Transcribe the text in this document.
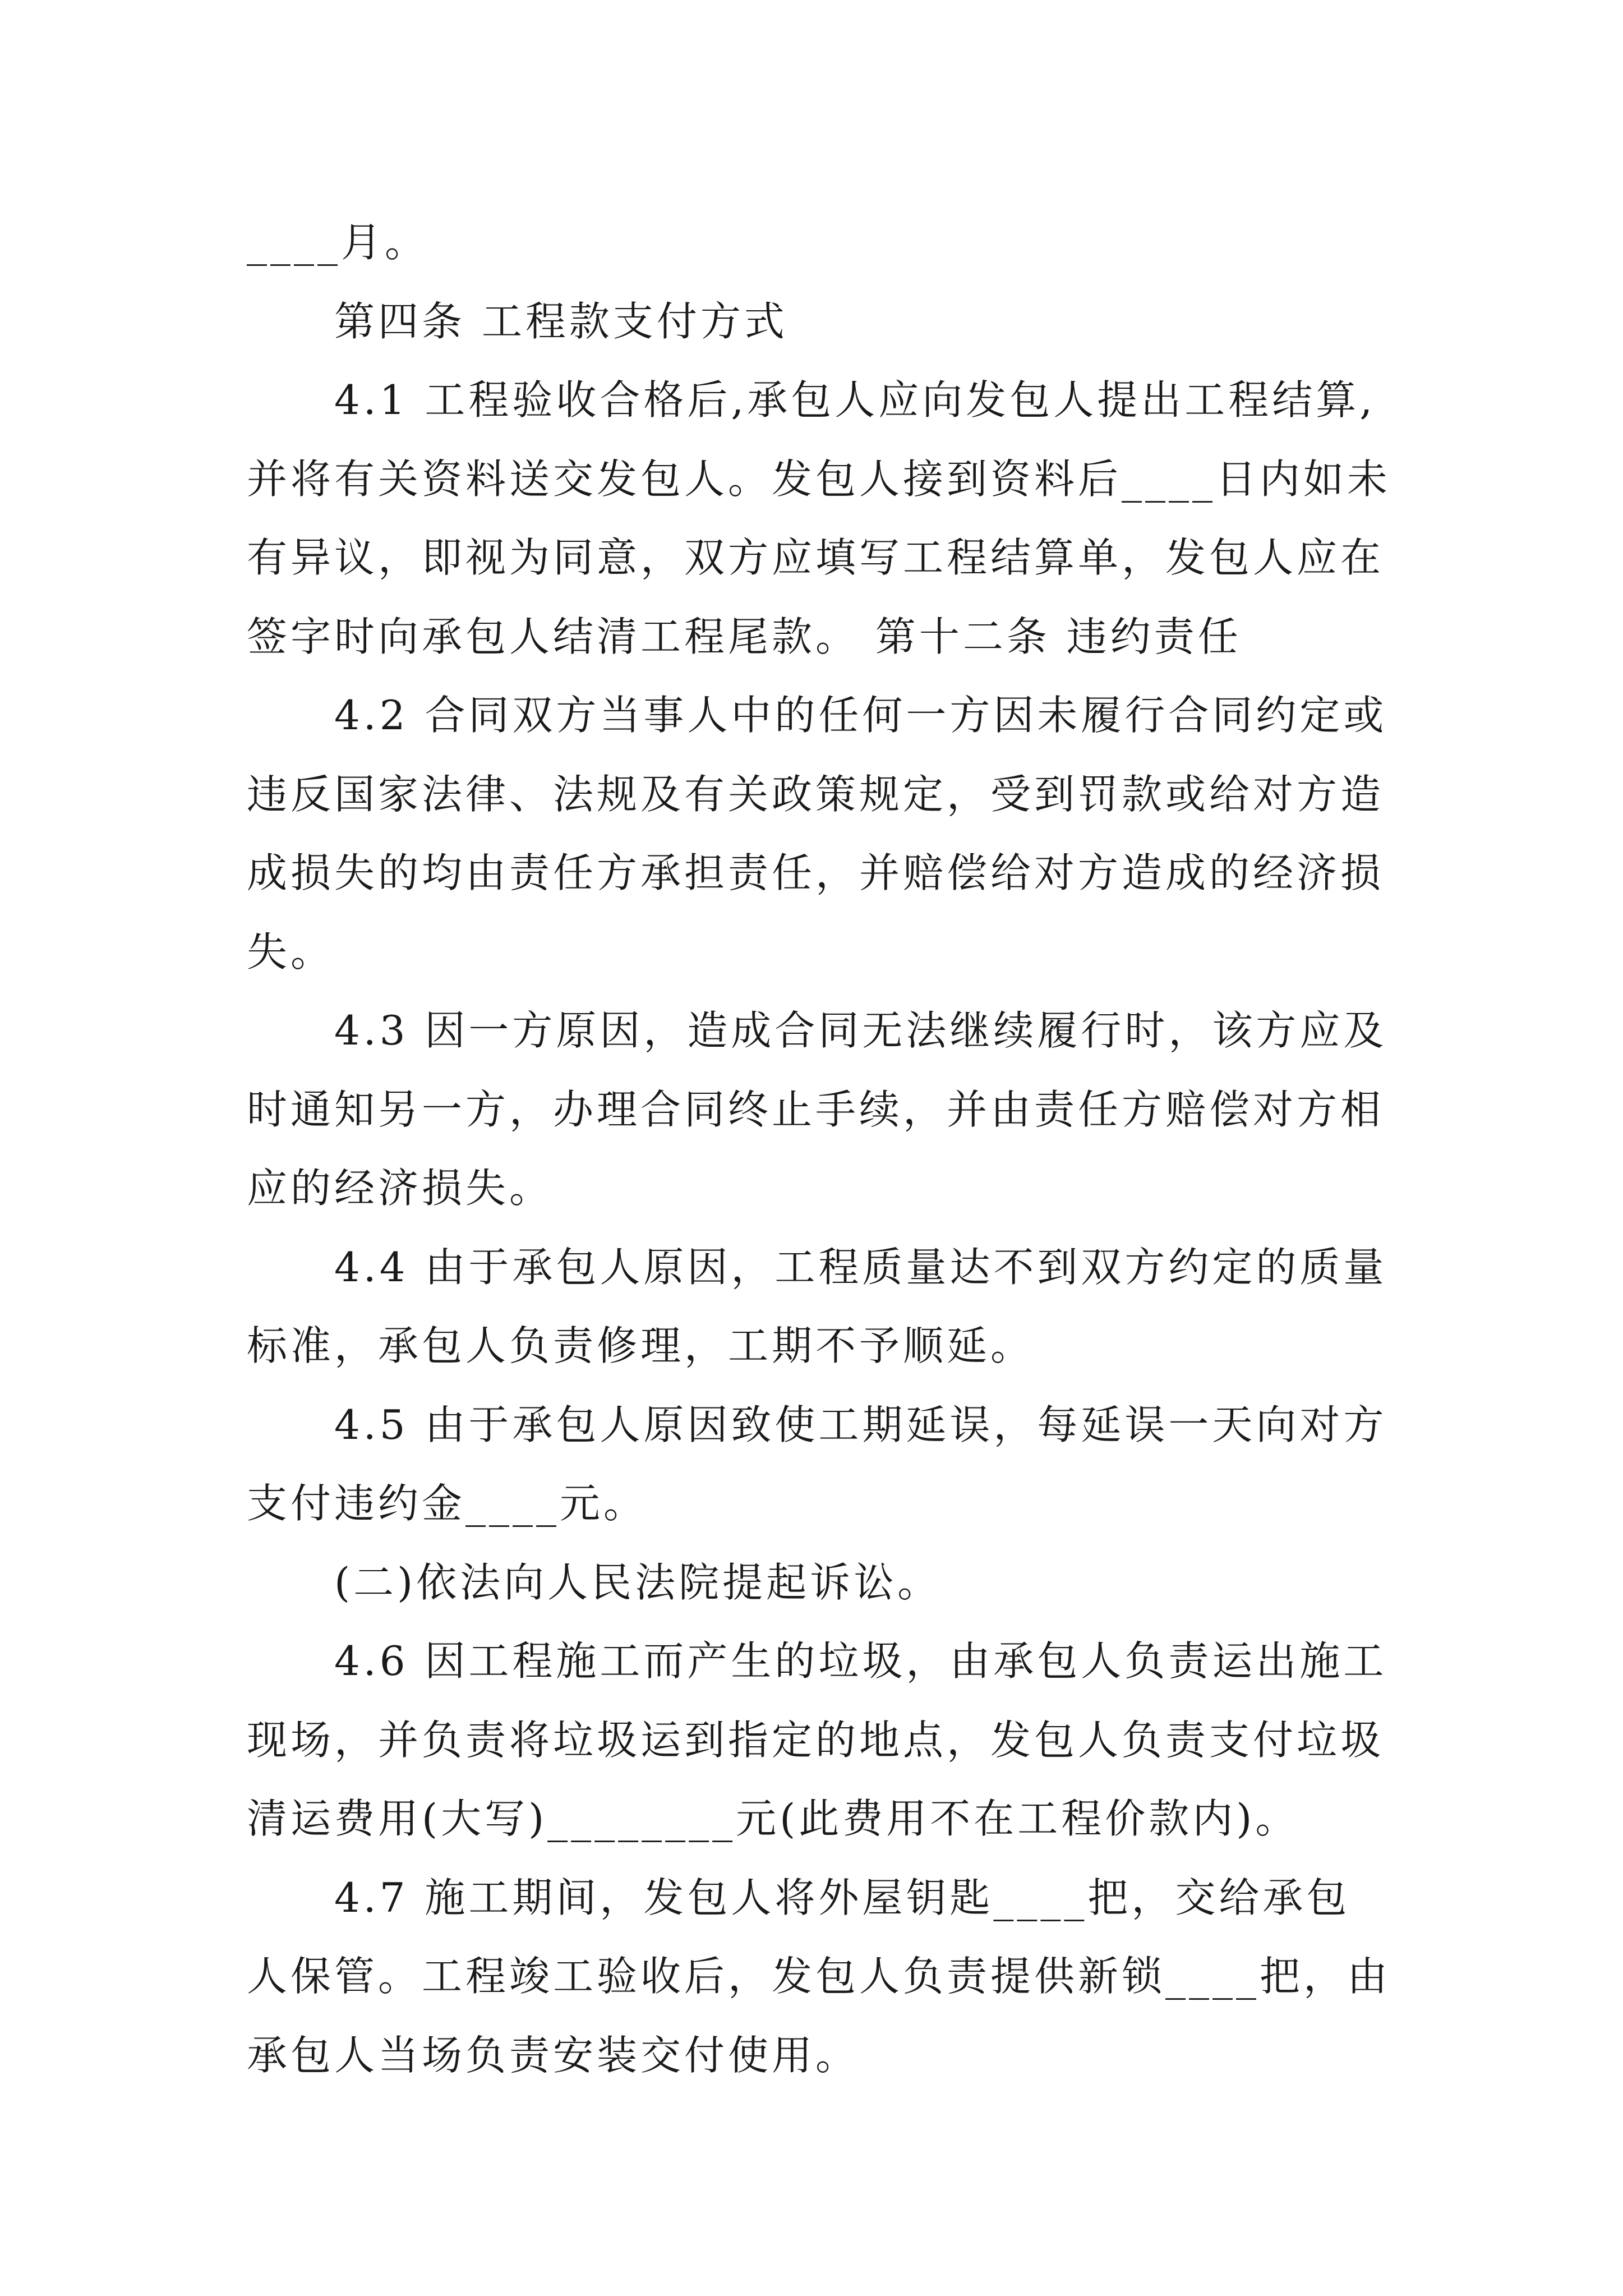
____月。

第四条 工程款支付方式

4.1 工程验收合格后,承包人应向发包人提出工程结算,并将有关资料送交发包人。发包人接到资料后____日内如未有异议，即视为同意，双方应填写工程结算单，发包人应在签字时向承包人结清工程尾款。 第十二条 违约责任

4.2 合同双方当事人中的任何一方因未履行合同约定或违反国家法律、法规及有关政策规定，受到罚款或给对方造成损失的均由责任方承担责任，并赔偿给对方造成的经济损失。

4.3 因一方原因，造成合同无法继续履行时，该方应及时通知另一方，办理合同终止手续，并由责任方赔偿对方相应的经济损失。

4.4 由于承包人原因，工程质量达不到双方约定的质量标准，承包人负责修理，工期不予顺延。

4.5 由于承包人原因致使工期延误，每延误一天向对方支付违约金____元。

(二)依法向人民法院提起诉讼。

4.6 因工程施工而产生的垃圾，由承包人负责运出施工现场，并负责将垃圾运到指定的地点，发包人负责支付垃圾清运费用(大写)________元(此费用不在工程价款内)。

4.7 施工期间，发包人将外屋钥匙____把，交给承包人保管。工程竣工验收后，发包人负责提供新锁____把，由承包人当场负责安装交付使用。
